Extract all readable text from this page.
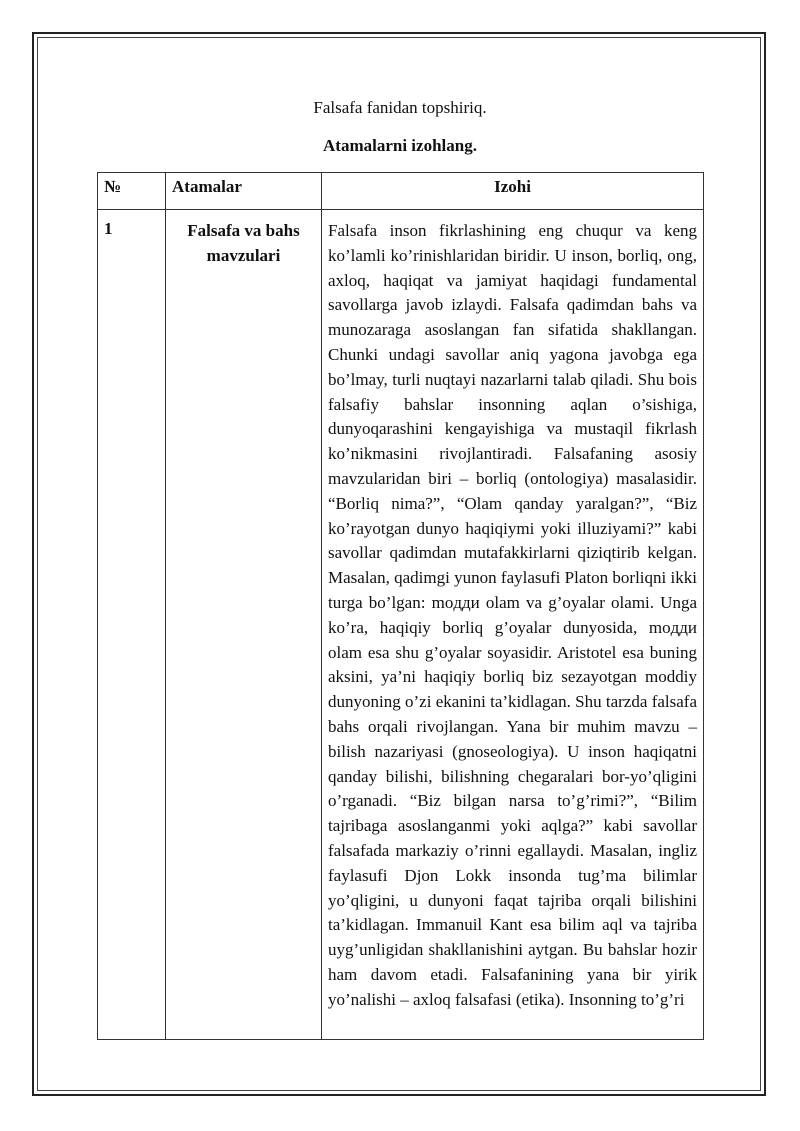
Falsafa fanidan topshiriq.
Atamalarni izohlang.
№	Atamalar	Izohi
1	Falsafa va bahs mavzulari	Falsafa inson fikrlashining eng chuqur va keng ko’lamli ko’rinishlaridan biridir. U inson, borliq, ong, axloq, haqiqat va jamiyat haqidagi fundamental savollarga javob izlaydi. Falsafa qadimdan bahs va munozaraga asoslangan fan sifatida shakllangan. Chunki undagi savollar aniq yagona javobga ega bo’lmay, turli nuqtayi nazarlarni talab qiladi. Shu bois falsafiy bahslar insonning aqlan o’sishiga, dunyoqarashini kengayishiga va mustaqil fikrlash ko’nikmasini rivojlantiradi. Falsafaning asosiy mavzularidan biri – borliq (ontologiya) masalasidir. “Borliq nima?”, “Olam qanday yaralgan?”, “Biz ko’rayotgan dunyo haqiqiymi yoki illuziyami?” kabi savollar qadimdan mutafakkirlarni qiziqtirib kelgan. Masalan, qadimgi yunon faylasufi Platon borliqni ikki turga bo’lgan: moдди olam va g’oyalar olami. Unga ko’ra, haqiqiy borliq g’oyalar dunyosida, moдди olam esa shu g’oyalar soyasidir. Aristotel esa buning aksini, ya’ni haqiqiy borliq biz sezayotgan moddiy dunyoning o’zi ekanini ta’kidlagan. Shu tarzda falsafa bahs orqali rivojlangan. Yana bir muhim mavzu – bilish nazariyasi (gnoseologiya). U inson haqiqatni qanday bilishi, bilishning chegaralari bor-yo’qligini o’rganadi. “Biz bilgan narsa to’g’rimi?”, “Bilim tajribaga asoslanganmi yoki aqlga?” kabi savollar falsafada markaziy o’rinni egallaydi. Masalan, ingliz faylasufi Djon Lokk insonda tug’ma bilimlar yo’qligini, u dunyoni faqat tajriba orqali bilishini ta’kidlagan. Immanuil Kant esa bilim aql va tajriba uyg’unligidan shakllanishini aytgan. Bu bahslar hozir ham davom etadi. Falsafanining yana bir yirik yo’nalishi – axloq falsafasi (etika). Insonning to’g’ri
